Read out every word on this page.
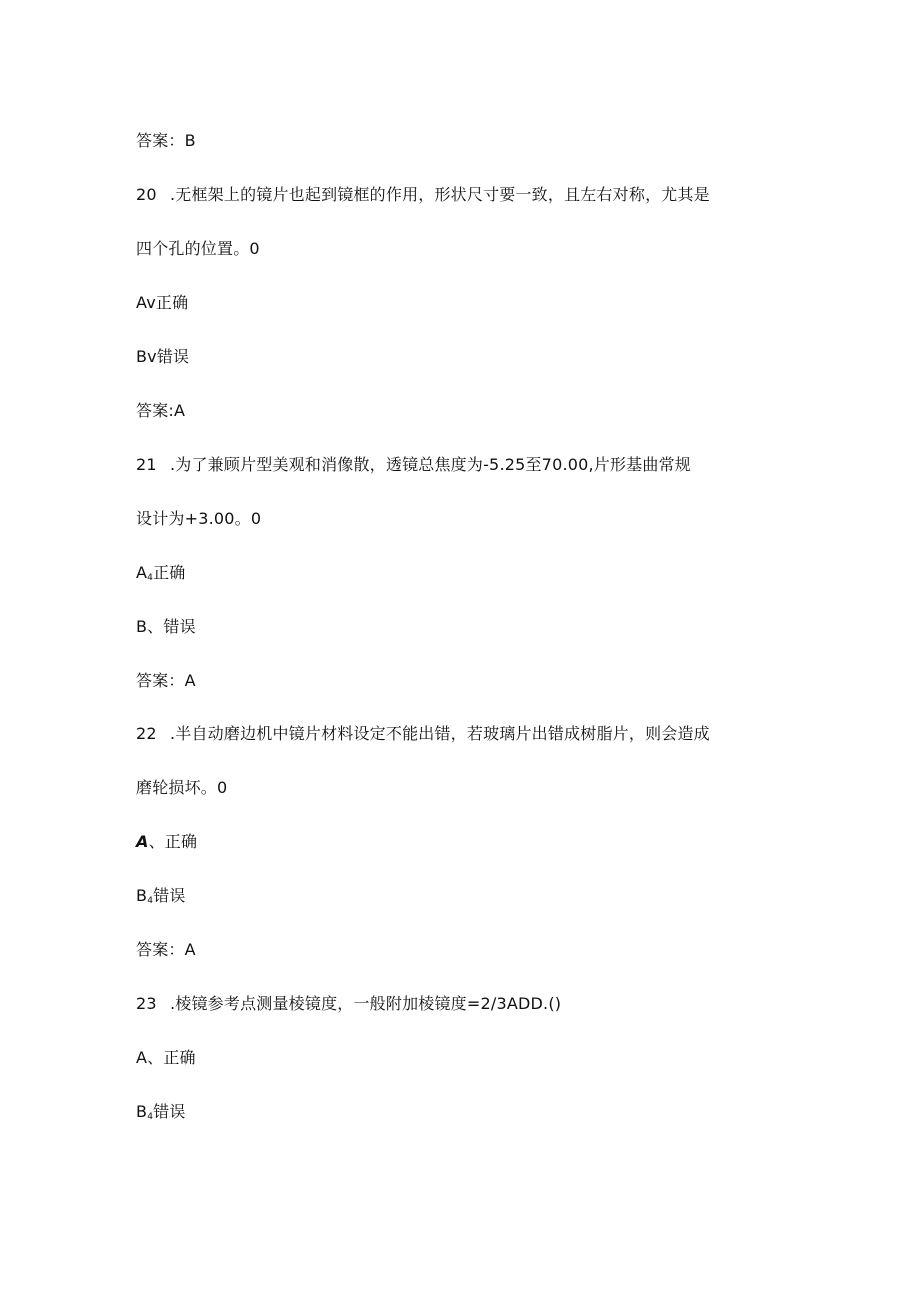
答案：B
20 .无框架上的镜片也起到镜框的作用，形状尺寸要一致，且左右对称，尤其是
四个孔的位置。0
Av正确
Bv错误
答案:A
21 .为了兼顾片型美观和消像散，透镜总焦度为-5.25至70.00,片形基曲常规
设计为+3.00。0
$A_4$正确
B、错误
答案：A
22 .半自动磨边机中镜片材料设定不能出错，若玻璃片出错成树脂片，则会造成
磨轮损坏。0
A、正确
$B_4$错误
答案：A
23 .棱镜参考点测量棱镜度，一般附加棱镜度=2∕3ADD.()
A、正确
$B_4$错误
